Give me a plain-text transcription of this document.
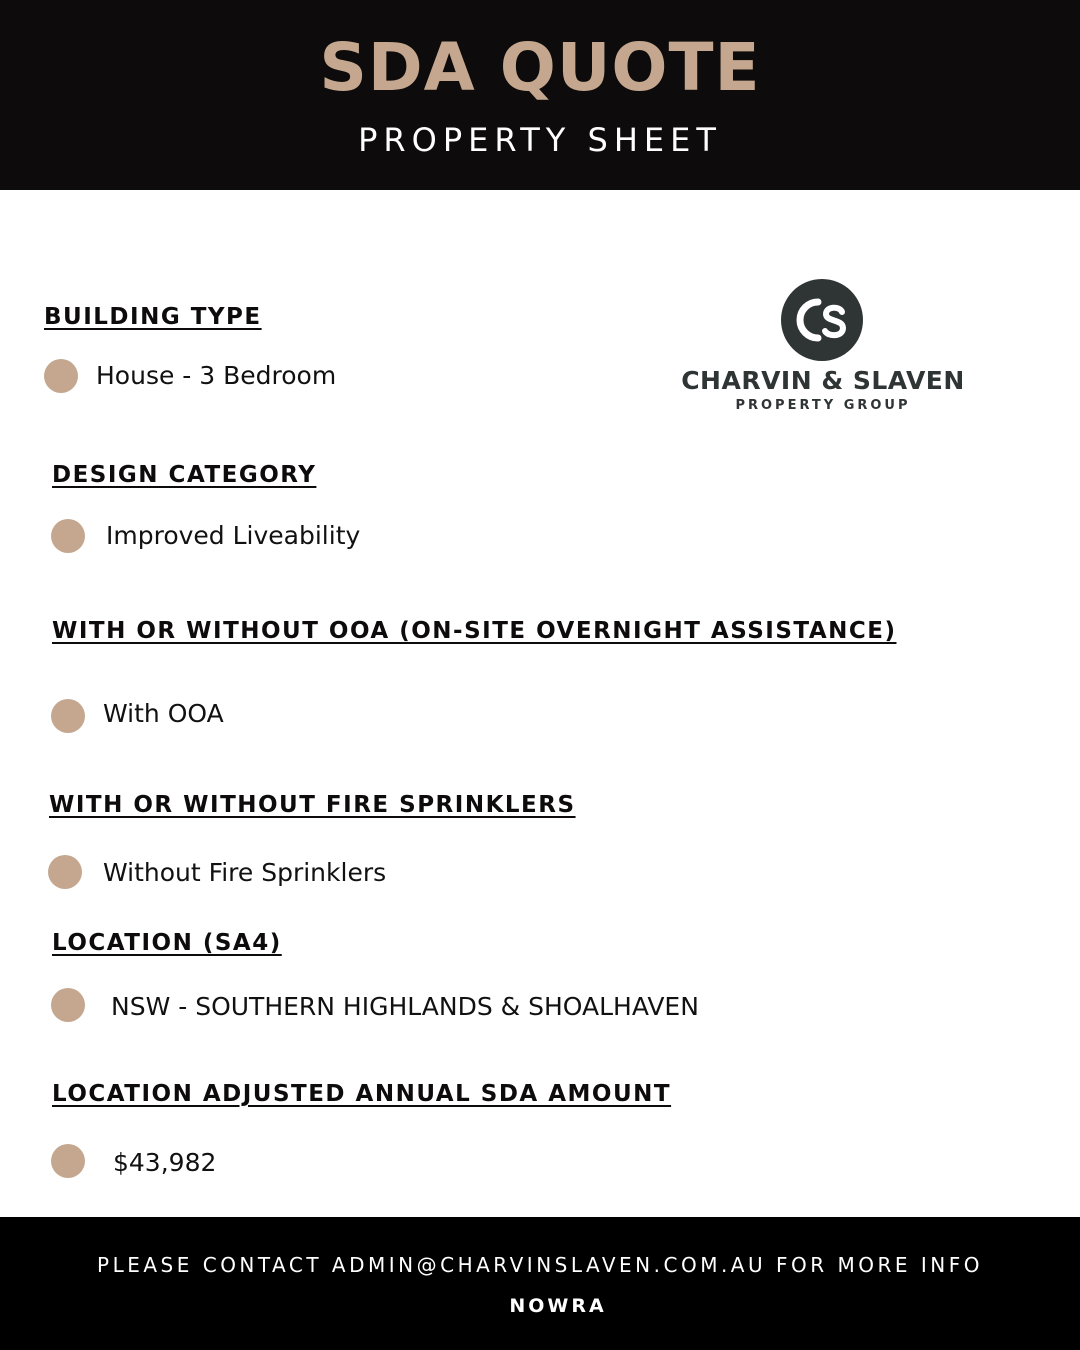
SDA QUOTE
PROPERTY SHEET
CHARVIN & SLAVEN
PROPERTY GROUP
BUILDING TYPE
House - 3 Bedroom
DESIGN CATEGORY
Improved Liveability
WITH OR WITHOUT OOA (ON-SITE OVERNIGHT ASSISTANCE)
With OOA
WITH OR WITHOUT FIRE SPRINKLERS
Without Fire Sprinklers
LOCATION (SA4)
NSW - SOUTHERN HIGHLANDS & SHOALHAVEN
LOCATION ADJUSTED ANNUAL SDA AMOUNT
$43,982
PLEASE CONTACT ADMIN@CHARVINSLAVEN.COM.AU FOR MORE INFO
NOWRA
